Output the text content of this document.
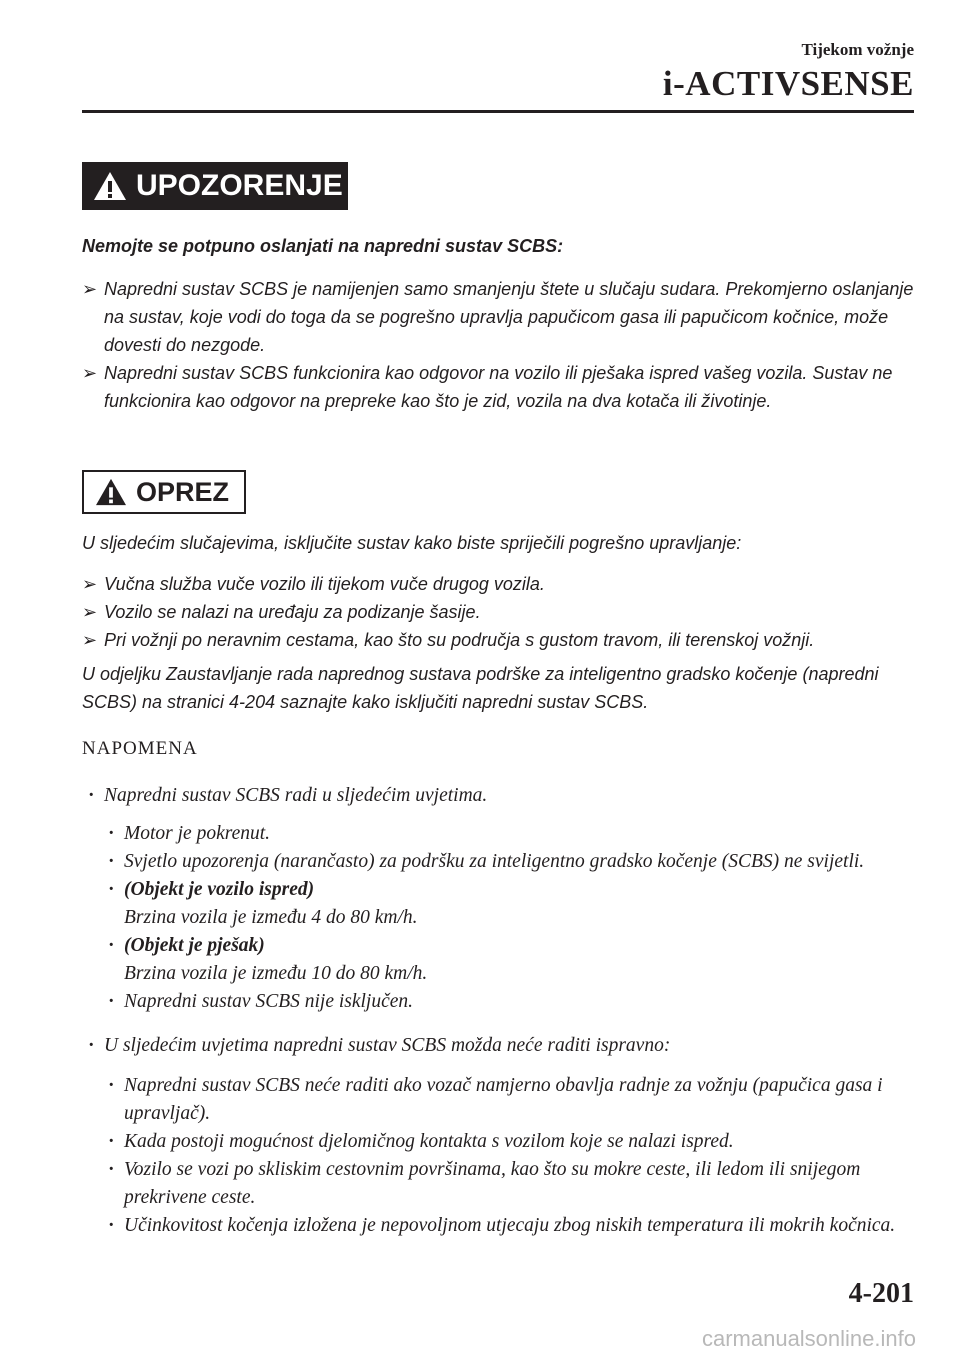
Tijekom vožnje
i-ACTIVSENSE
UPOZORENJE
Nemojte se potpuno oslanjati na napredni sustav SCBS:
➢ Napredni sustav SCBS je namijenjen samo smanjenju štete u slučaju sudara. Prekomjerno oslanjanje na sustav, koje vodi do toga da se pogrešno upravlja papučicom gasa ili papučicom kočnice, može dovesti do nezgode.
➢ Napredni sustav SCBS funkcionira kao odgovor na vozilo ili pješaka ispred vašeg vozila. Sustav ne funkcionira kao odgovor na prepreke kao što je zid, vozila na dva kotača ili životinje.
OPREZ
U sljedećim slučajevima, isključite sustav kako biste spriječili pogrešno upravljanje:
➢ Vučna služba vuče vozilo ili tijekom vuče drugog vozila.
➢ Vozilo se nalazi na uređaju za podizanje šasije.
➢ Pri vožnji po neravnim cestama, kao što su područja s gustom travom, ili terenskoj vožnji.
U odjeljku Zaustavljanje rada naprednog sustava podrške za inteligentno gradsko kočenje (napredni SCBS) na stranici 4-204 saznajte kako isključiti napredni sustav SCBS.
NAPOMENA
· Napredni sustav SCBS radi u sljedećim uvjetima.
· Motor je pokrenut.
· Svjetlo upozorenja (narančasto) za podršku za inteligentno gradsko kočenje (SCBS) ne svijetli.
· (Objekt je vozilo ispred)
Brzina vozila je između 4 do 80 km/h.
· (Objekt je pješak)
Brzina vozila je između 10 do 80 km/h.
· Napredni sustav SCBS nije isključen.
· U sljedećim uvjetima napredni sustav SCBS možda neće raditi ispravno:
· Napredni sustav SCBS neće raditi ako vozač namjerno obavlja radnje za vožnju (papučica gasa i upravljač).
· Kada postoji mogućnost djelomičnog kontakta s vozilom koje se nalazi ispred.
· Vozilo se vozi po skliskim cestovnim površinama, kao što su mokre ceste, ili ledom ili snijegom prekrivene ceste.
· Učinkovitost kočenja izložena je nepovoljnom utjecaju zbog niskih temperatura ili mokrih kočnica.
4-201
carmanualsonline.info
